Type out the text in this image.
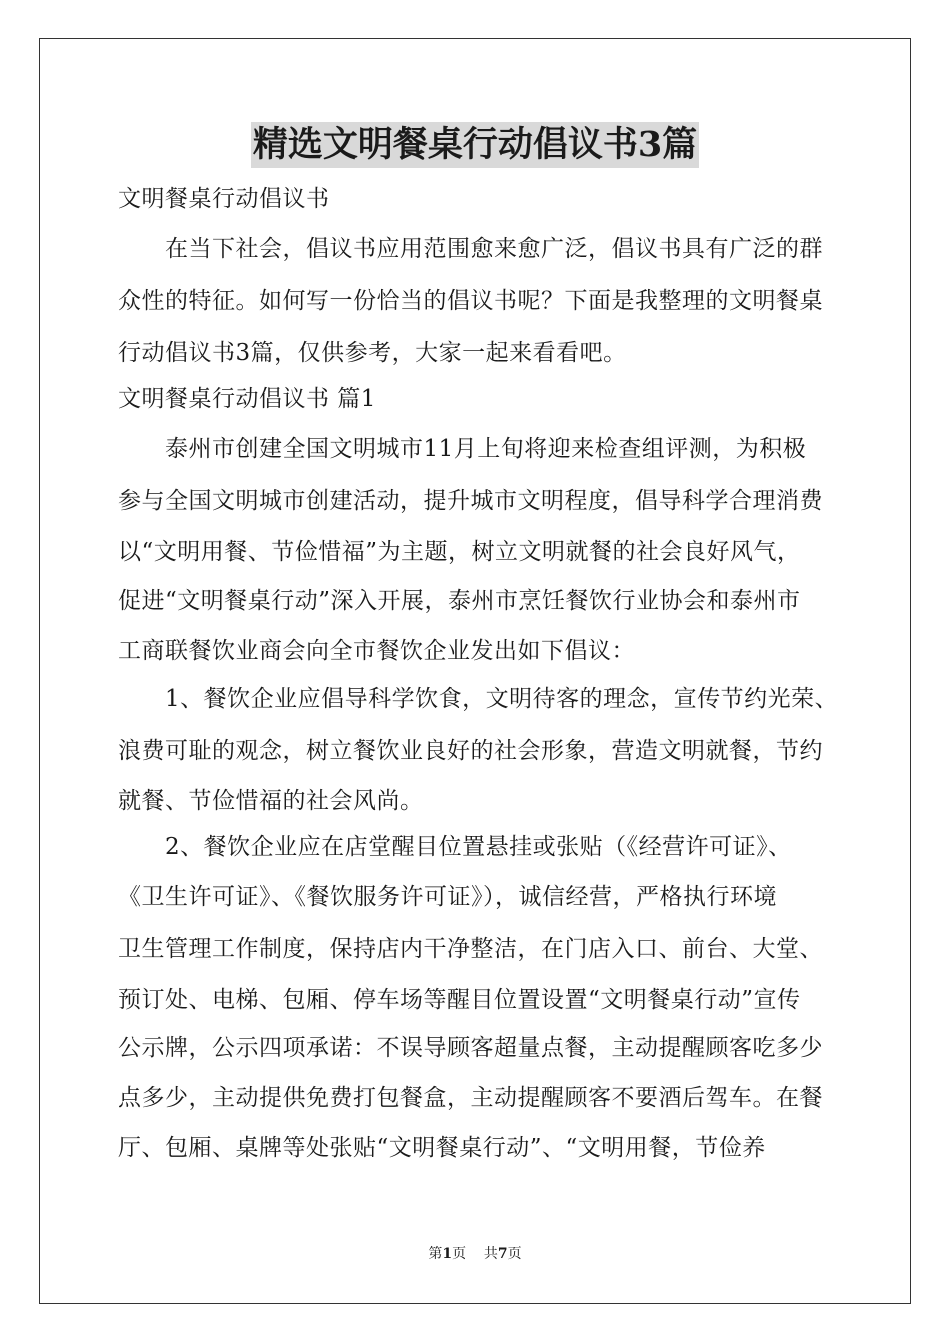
精选文明餐桌行动倡议书3篇
文明餐桌行动倡议书
　　在当下社会，倡议书应用范围愈来愈广泛，倡议书具有广泛的群
众性的特征。如何写一份恰当的倡议书呢？下面是我整理的文明餐桌
行动倡议书3篇，仅供参考，大家一起来看看吧。
文明餐桌行动倡议书 篇1
　　泰州市创建全国文明城市11月上旬将迎来检查组评测，为积极
参与全国文明城市创建活动，提升城市文明程度，倡导科学合理消费
以“文明用餐、节俭惜福”为主题，树立文明就餐的社会良好风气，
促进“文明餐桌行动”深入开展，泰州市烹饪餐饮行业协会和泰州市
工商联餐饮业商会向全市餐饮企业发出如下倡议：
　　1、餐饮企业应倡导科学饮食，文明待客的理念，宣传节约光荣、
浪费可耻的观念，树立餐饮业良好的社会形象，营造文明就餐，节约
就餐、节俭惜福的社会风尚。
　　2、餐饮企业应在店堂醒目位置悬挂或张贴（《经营许可证》、
《卫生许可证》、《餐饮服务许可证》），诚信经营，严格执行环境
卫生管理工作制度，保持店内干净整洁，在门店入口、前台、大堂、
预订处、电梯、包厢、停车场等醒目位置设置“文明餐桌行动”宣传
公示牌，公示四项承诺：不误导顾客超量点餐，主动提醒顾客吃多少
点多少，主动提供免费打包餐盒，主动提醒顾客不要酒后驾车。在餐
厅、包厢、桌牌等处张贴“文明餐桌行动”、“文明用餐，节俭养
第1页 共7页
